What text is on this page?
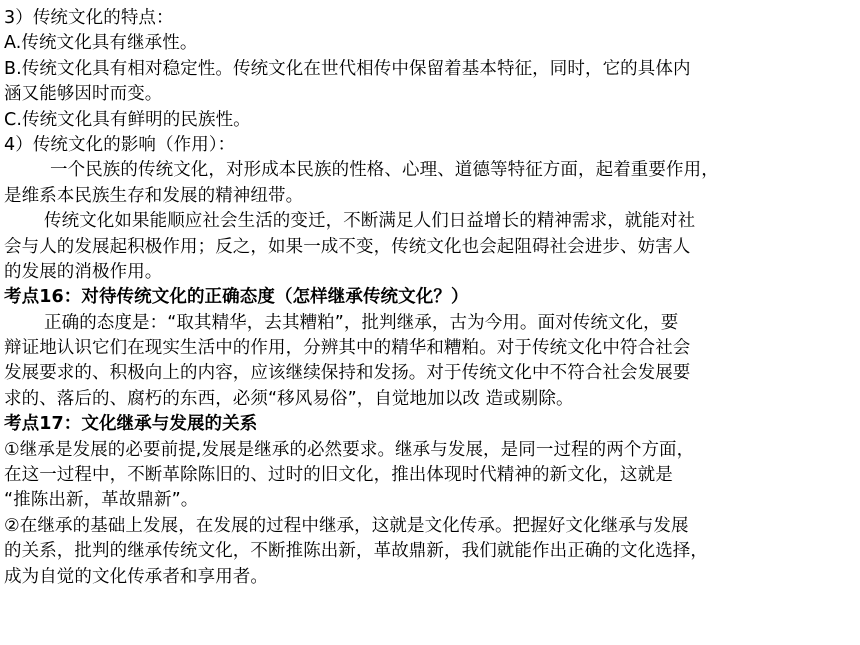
3）传统文化的特点：
A.传统文化具有继承性。
B.传统文化具有相对稳定性。传统文化在世代相传中保留着基本特征，同时，它的具体内
涵又能够因时而变。
C.传统文化具有鲜明的民族性。
4）传统文化的影响（作用）：
一个民族的传统文化，对形成本民族的性格、心理、道德等特征方面，起着重要作用，
是维系本民族生存和发展的精神纽带。
传统文化如果能顺应社会生活的变迁，不断满足人们日益增长的精神需求，就能对社
会与人的发展起积极作用；反之，如果一成不变，传统文化也会起阻碍社会进步、妨害人
的发展的消极作用。
考点16：对待传统文化的正确态度（怎样继承传统文化？）
正确的态度是：“取其精华，去其糟粕”，批判继承，古为今用。面对传统文化，要
辩证地认识它们在现实生活中的作用，分辨其中的精华和糟粕。对于传统文化中符合社会
发展要求的、积极向上的内容，应该继续保持和发扬。对于传统文化中不符合社会发展要
求的、落后的、腐朽的东西，必须“移风易俗”，自觉地加以改 造或剔除。
考点17：文化继承与发展的关系
①继承是发展的必要前提,发展是继承的必然要求。继承与发展，是同一过程的两个方面，
在这一过程中，不断革除陈旧的、过时的旧文化，推出体现时代精神的新文化，这就是
“推陈出新，革故鼎新”。
②在继承的基础上发展，在发展的过程中继承，这就是文化传承。把握好文化继承与发展
的关系，批判的继承传统文化，不断推陈出新，革故鼎新，我们就能作出正确的文化选择，
成为自觉的文化传承者和享用者。
